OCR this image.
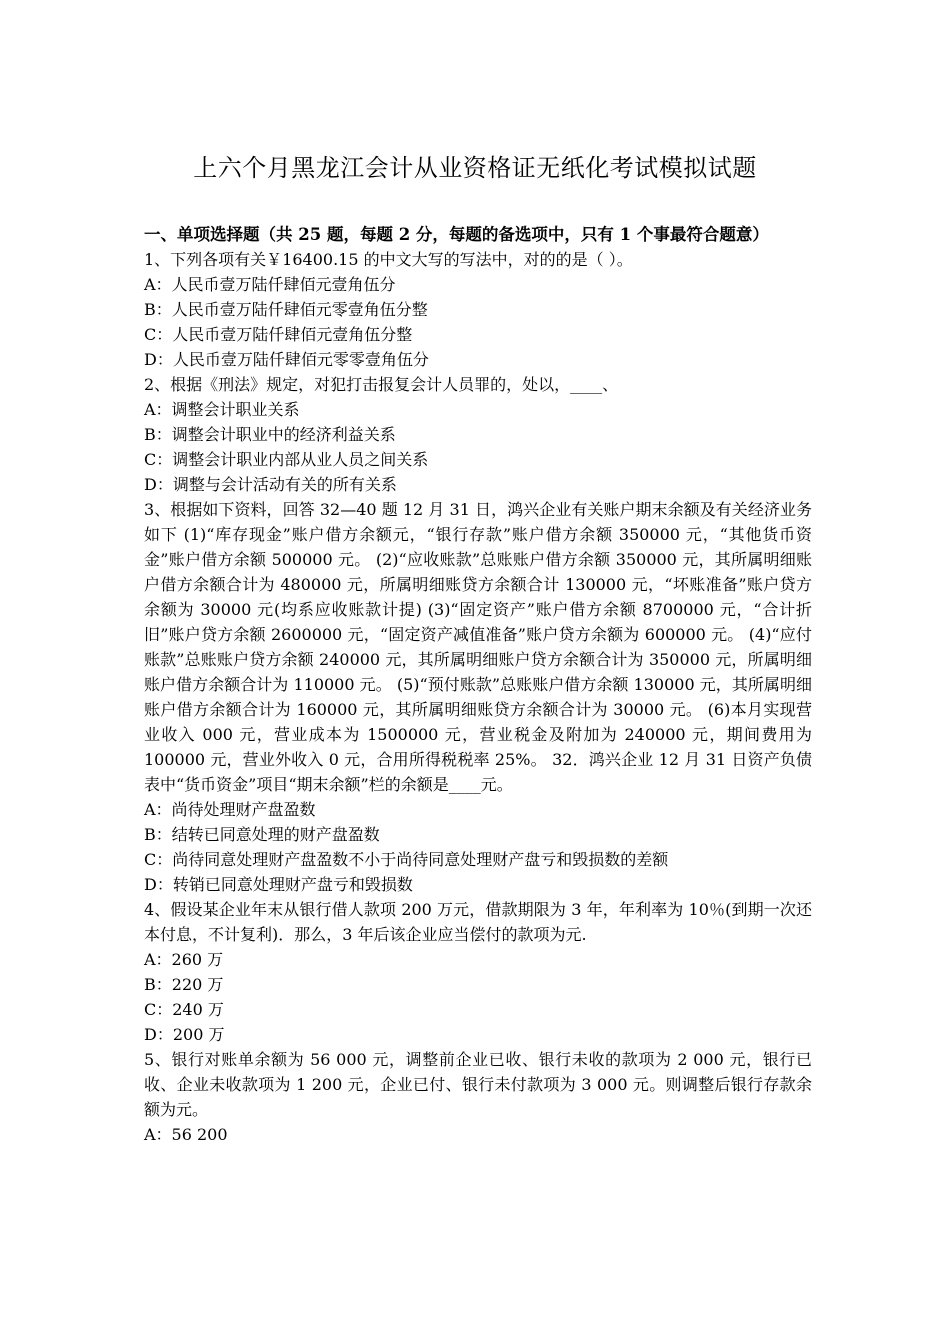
上六个月黑龙江会计从业资格证无纸化考试模拟试题
一、单项选择题（共 25 题，每题 2 分，每题的备选项中，只有 1 个事最符合题意）

1、下列各项有关￥16400.15 的中文大写的写法中，对的的是（ ）。

A：人民币壹万陆仟肆佰元壹角伍分

B：人民币壹万陆仟肆佰元零壹角伍分整

C：人民币壹万陆仟肆佰元壹角伍分整

D：人民币壹万陆仟肆佰元零零壹角伍分

2、根据《刑法》规定，对犯打击报复会计人员罪的，处以，____、

A：调整会计职业关系

B：调整会计职业中的经济利益关系

C：调整会计职业内部从业人员之间关系

D：调整与会计活动有关的所有关系

3、根据如下资料，回答 32—40 题 12 月 31 日，鸿兴企业有关账户期末余额及有关经济业务如下 (1)“库存现金”账户借方余额元，“银行存款”账户借方余额 350000 元，“其他货币资金”账户借方余额 500000 元。 (2)“应收账款”总账账户借方余额 350000 元，其所属明细账户借方余额合计为 480000 元，所属明细账贷方余额合计 130000 元，“坏账准备”账户贷方余额为 30000 元(均系应收账款计提) (3)“固定资产”账户借方余额 8700000 元，“合计折旧”账户贷方余额 2600000 元，“固定资产减值准备”账户贷方余额为 600000 元。 (4)“应付账款”总账账户贷方余额 240000 元，其所属明细账户贷方余额合计为 350000 元，所属明细账户借方余额合计为 110000 元。 (5)“预付账款”总账账户借方余额 130000 元，其所属明细账户借方余额合计为 160000 元，其所属明细账贷方余额合计为 30000 元。 (6)本月实现营业收入 000 元，营业成本为 1500000 元，营业税金及附加为 240000 元，期间费用为 100000 元，营业外收入 0 元，合用所得税税率 25%。 32．鸿兴企业 12 月 31 日资产负债表中“货币资金”项目“期末余额”栏的余额是____元。

A：尚待处理财产盘盈数

B：结转已同意处理的财产盘盈数

C：尚待同意处理财产盘盈数不小于尚待同意处理财产盘亏和毁损数的差额

D：转销已同意处理财产盘亏和毁损数

4、假设某企业年末从银行借人款项 200 万元，借款期限为 3 年，年利率为 10％(到期一次还本付息，不计复利)．那么，3 年后该企业应当偿付的款项为元.

A：260 万

B：220 万

C：240 万

D：200 万

5、银行对账单余额为 56 000 元，调整前企业已收、银行未收的款项为 2 000 元，银行已收、企业未收款项为 1 200 元，企业已付、银行未付款项为 3 000 元。则调整后银行存款余额为元。

A：56 200
